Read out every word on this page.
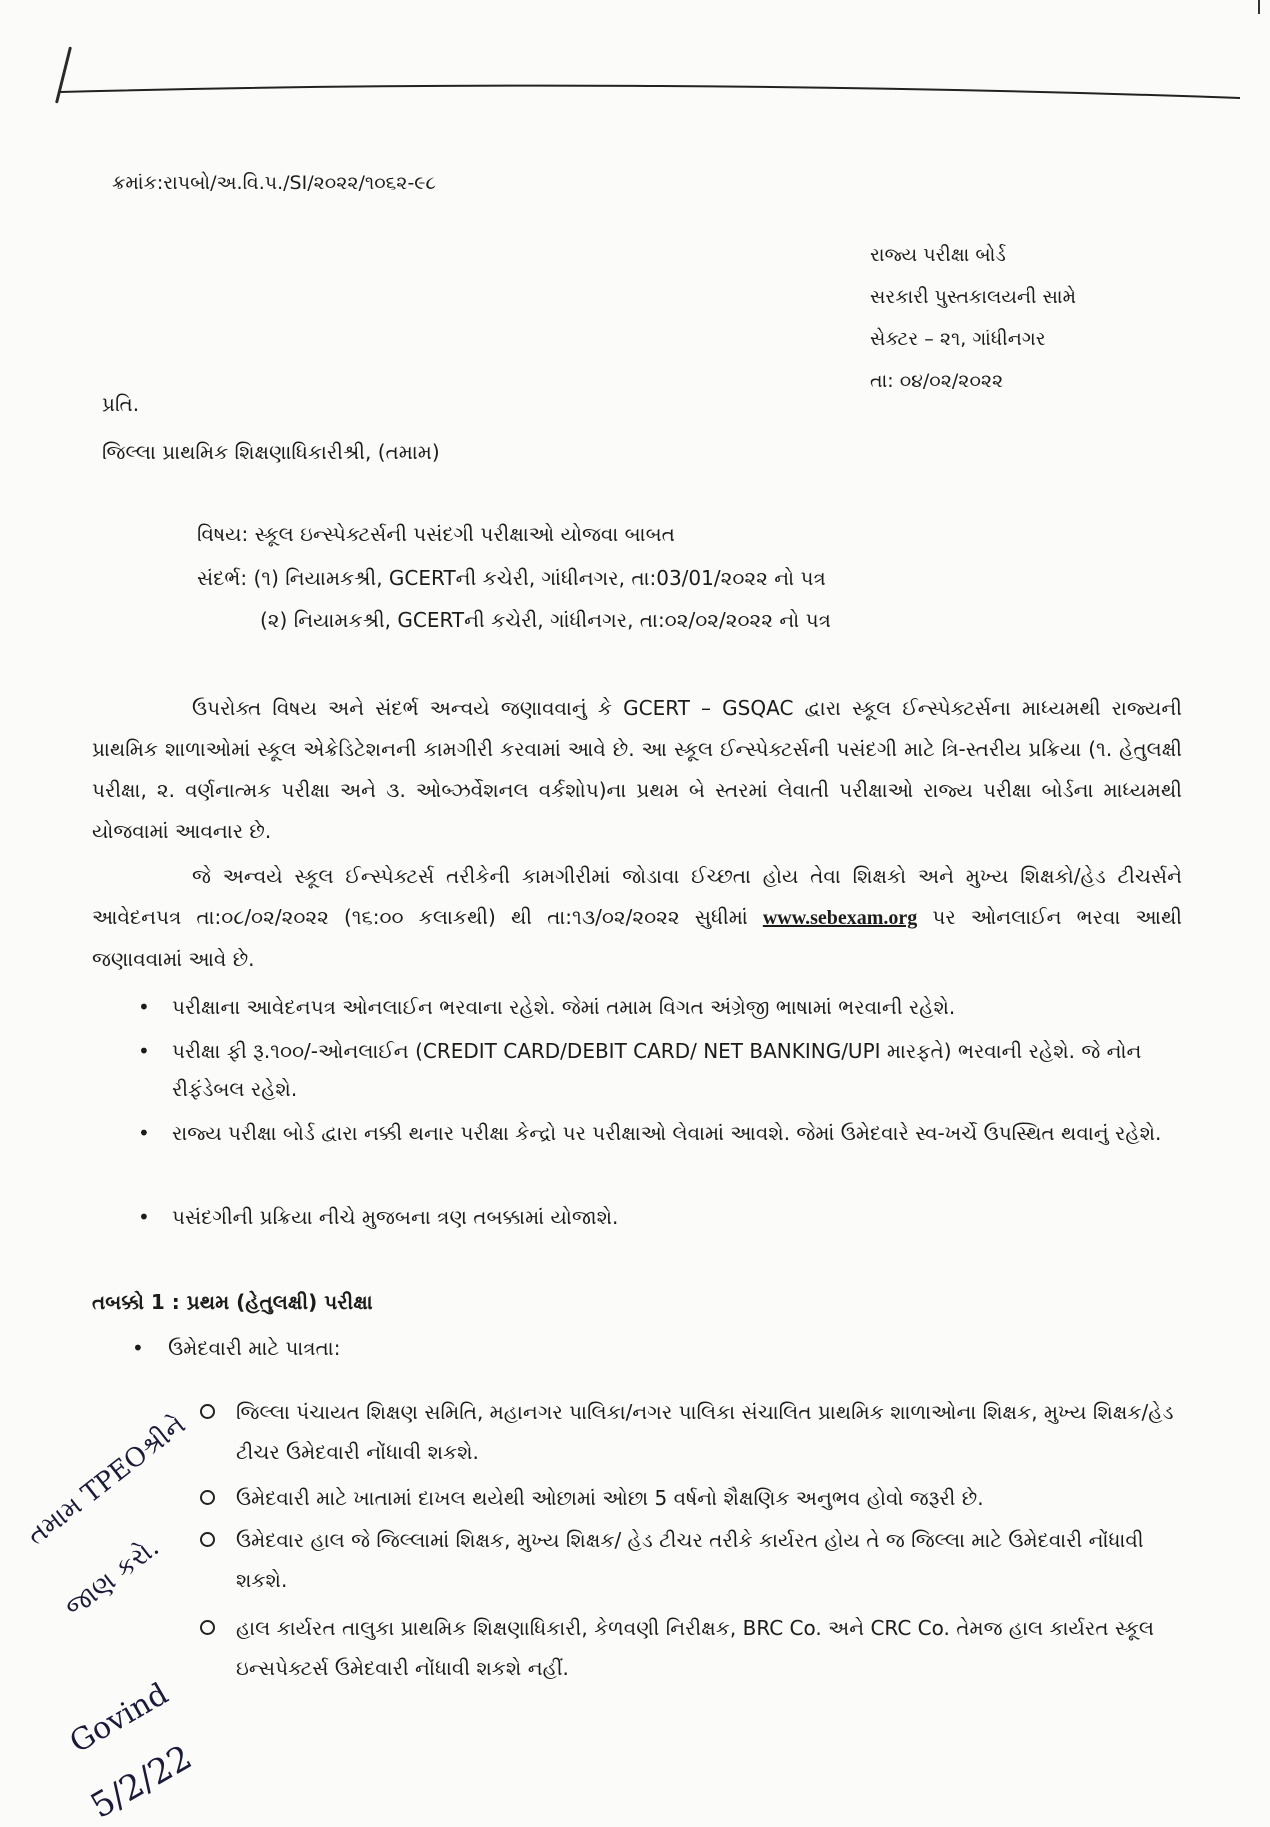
ક્રમાંક:રાપબો/અ.વિ.પ./SI/૨૦૨૨/૧૦૬૨-૯૮
રાજ્ય પરીક્ષા બોર્ડ
સરકારી પુસ્તકાલયની સામે
સેક્ટર – ૨૧, ગાંધીનગર
તા: ૦૪/૦૨/૨૦૨૨
પ્રતિ.
જિલ્લા પ્રાથમિક શિક્ષણાધિકારીશ્રી, (તમામ)
વિષય: સ્કૂલ ઇન્સ્પેક્ટર્સની પસંદગી પરીક્ષાઓ યોજવા બાબત
સંદર્ભ: (૧) નિયામકશ્રી, GCERTની કચેરી, ગાંધીનગર, તા:03/01/૨૦૨૨ નો પત્ર
(૨) નિયામકશ્રી, GCERTની કચેરી, ગાંધીનગર, તા:૦૨/૦૨/૨૦૨૨ નો પત્ર
ઉપરોક્ત વિષય અને સંદર્ભ અન્વયે જણાવવાનું કે GCERT – GSQAC દ્વારા સ્કૂલ ઈન્સ્પેક્ટર્સના માધ્યમથી રાજ્યની પ્રાથમિક શાળાઓમાં સ્કૂલ એક્રેડિટેશનની કામગીરી કરવામાં આવે છે. આ સ્કૂલ ઈન્સ્પેક્ટર્સની પસંદગી માટે ત્રિ-સ્તરીય પ્રક્રિયા (૧. હેતુલક્ષી પરીક્ષા, ૨. વર્ણનાત્મક પરીક્ષા અને ૩. ઓબ્ઝર્વેશનલ વર્કશોપ)ના પ્રથમ બે સ્તરમાં લેવાતી પરીક્ષાઓ રાજ્ય પરીક્ષા બોર્ડના માધ્યમથી યોજવામાં આવનાર છે.
જે અન્વયે સ્કૂલ ઈન્સ્પેક્ટર્સ તરીકેની કામગીરીમાં જોડાવા ઈચ્છતા હોય તેવા શિક્ષકો અને મુખ્ય શિક્ષકો/હેડ ટીચર્સને આવેદનપત્ર તા:૦૮/૦૨/૨૦૨૨ (૧૬:૦૦ કલાકથી) થી તા:૧૩/૦૨/૨૦૨૨ સુધીમાં www.sebexam.org પર ઓનલાઈન ભરવા આથી જણાવવામાં આવે છે.
• પરીક્ષાના આવેદનપત્ર ઓનલાઈન ભરવાના રહેશે. જેમાં તમામ વિગત અંગ્રેજી ભાષામાં ભરવાની રહેશે.
• પરીક્ષા ફી રૂ.૧૦૦/-ઓનલાઈન (CREDIT CARD/DEBIT CARD/ NET BANKING/UPI મારફતે) ભરવાની રહેશે. જે નોન રીફંડેબલ રહેશે.
• રાજ્ય પરીક્ષા બોર્ડ દ્વારા નક્કી થનાર પરીક્ષા કેન્દ્રો પર પરીક્ષાઓ લેવામાં આવશે. જેમાં ઉમેદવારે સ્વ-ખર્ચે ઉપસ્થિત થવાનું રહેશે.
• પસંદગીની પ્રક્રિયા નીચે મુજબના ત્રણ તબક્કામાં યોજાશે.
તબક્કો 1 : પ્રથમ (હેતુલક્ષી) પરીક્ષા
• ઉમેદવારી માટે પાત્રતા:
જિલ્લા પંચાયત શિક્ષણ સમિતિ, મહાનગર પાલિકા/નગર પાલિકા સંચાલિત પ્રાથમિક શાળાઓના શિક્ષક, મુખ્ય શિક્ષક/હેડ ટીચર ઉમેદવારી નોંધાવી શકશે.
ઉમેદવારી માટે ખાતામાં દાખલ થયેથી ઓછામાં ઓછા 5 વર્ષનો શૈક્ષણિક અનુભવ હોવો જરૂરી છે.
ઉમેદવાર હાલ જે જિલ્લામાં શિક્ષક, મુખ્ય શિક્ષક/ હેડ ટીચર તરીકે કાર્યરત હોય તે જ જિલ્લા માટે ઉમેદવારી નોંધાવી શકશે.
હાલ કાર્યરત તાલુકા પ્રાથમિક શિક્ષણાધિકારી, કેળવણી નિરીક્ષક, BRC Co. અને CRC Co. તેમજ હાલ કાર્યરત સ્કૂલ ઇન્સપેક્ટર્સ ઉમેદવારી નોંધાવી શકશે નહીં.
તમામ TPEOશ્રીને
જાણ કરો.
Govind
5/2/22
